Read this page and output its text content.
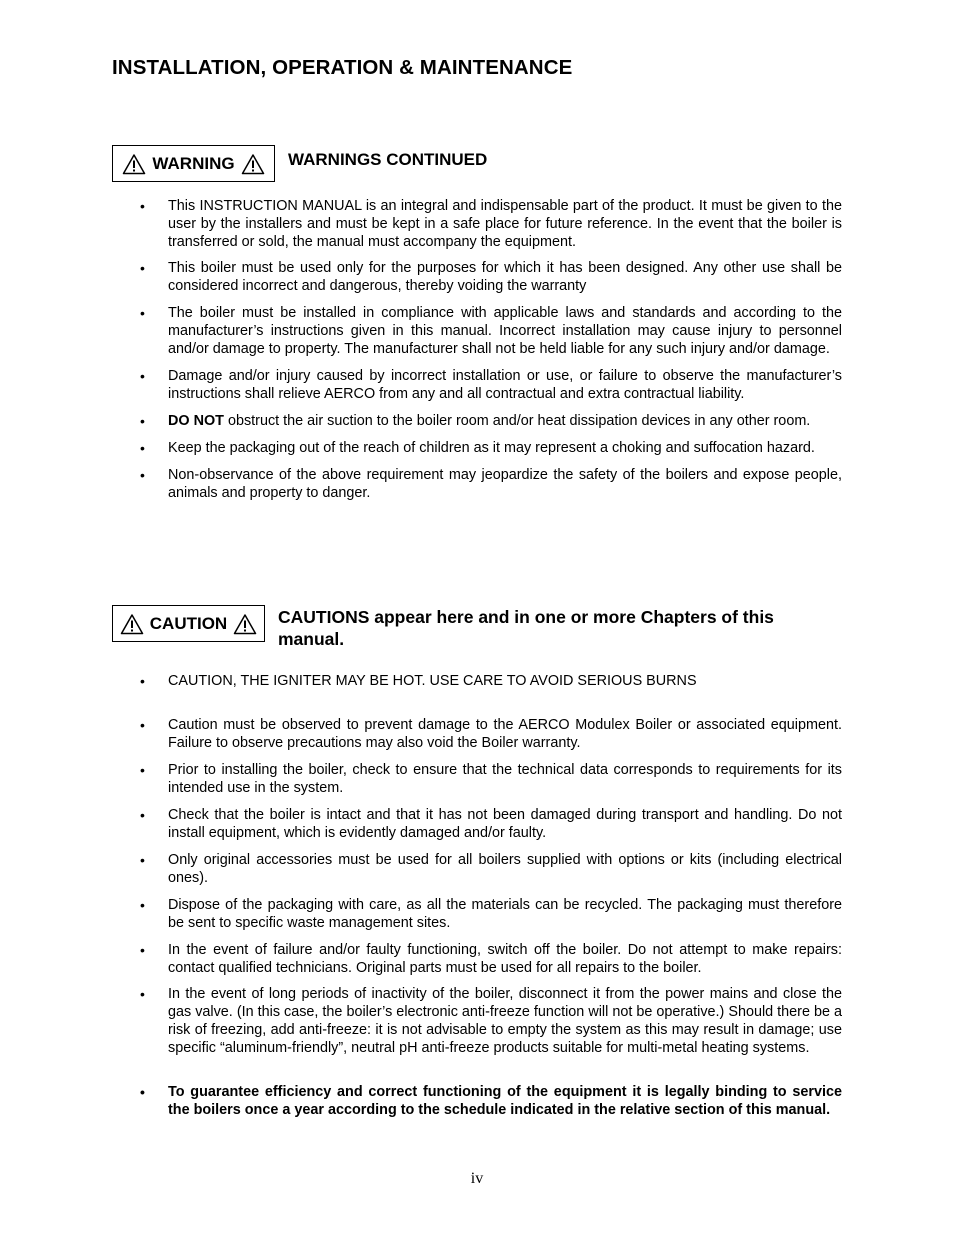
INSTALLATION, OPERATION & MAINTENANCE
WARNING	WARNINGS CONTINUED
• This INSTRUCTION MANUAL is an integral and indispensable part of the product. It must be given to the user by the installers and must be kept in a safe place for future reference. In the event that the boiler is transferred or sold, the manual must accompany the equipment.
• This boiler must be used only for the purposes for which it has been designed. Any other use shall be considered incorrect and dangerous, thereby voiding the warranty
• The boiler must be installed in compliance with applicable laws and standards and according to the manufacturer’s instructions given in this manual. Incorrect installation may cause injury to personnel and/or damage to property. The manufacturer shall not be held liable for any such injury and/or damage.
• Damage and/or injury caused by incorrect installation or use, or failure to observe the manufacturer’s instructions shall relieve AERCO from any and all contractual and extra contractual liability.
• DO NOT obstruct the air suction to the boiler room and/or heat dissipation devices in any other room.
• Keep the packaging out of the reach of children as it may represent a choking and suffocation hazard.
• Non-observance of the above requirement may jeopardize the safety of the boilers and expose people, animals and property to danger.
CAUTION	CAUTIONS appear here and in one or more Chapters of this manual.
• CAUTION, THE IGNITER MAY BE HOT. USE CARE TO AVOID SERIOUS BURNS
• Caution must be observed to prevent damage to the AERCO Modulex Boiler or associated equipment. Failure to observe precautions may also void the Boiler warranty.
• Prior to installing the boiler, check to ensure that the technical data corresponds to requirements for its intended use in the system.
• Check that the boiler is intact and that it has not been damaged during transport and handling. Do not install equipment, which is evidently damaged and/or faulty.
• Only original accessories must be used for all boilers supplied with options or kits (including electrical ones).
• Dispose of the packaging with care, as all the materials can be recycled. The packaging must therefore be sent to specific waste management sites.
• In the event of failure and/or faulty functioning, switch off the boiler. Do not attempt to make repairs: contact qualified technicians. Original parts must be used for all repairs to the boiler.
• In the event of long periods of inactivity of the boiler, disconnect it from the power mains and close the gas valve. (In this case, the boiler’s electronic anti-freeze function will not be operative.) Should there be a risk of freezing, add anti-freeze: it is not advisable to empty the system as this may result in damage; use specific “aluminum-friendly”, neutral pH anti-freeze products suitable for multi-metal heating systems.
• To guarantee efficiency and correct functioning of the equipment it is legally binding to service the boilers once a year according to the schedule indicated in the relative section of this manual.
iv
